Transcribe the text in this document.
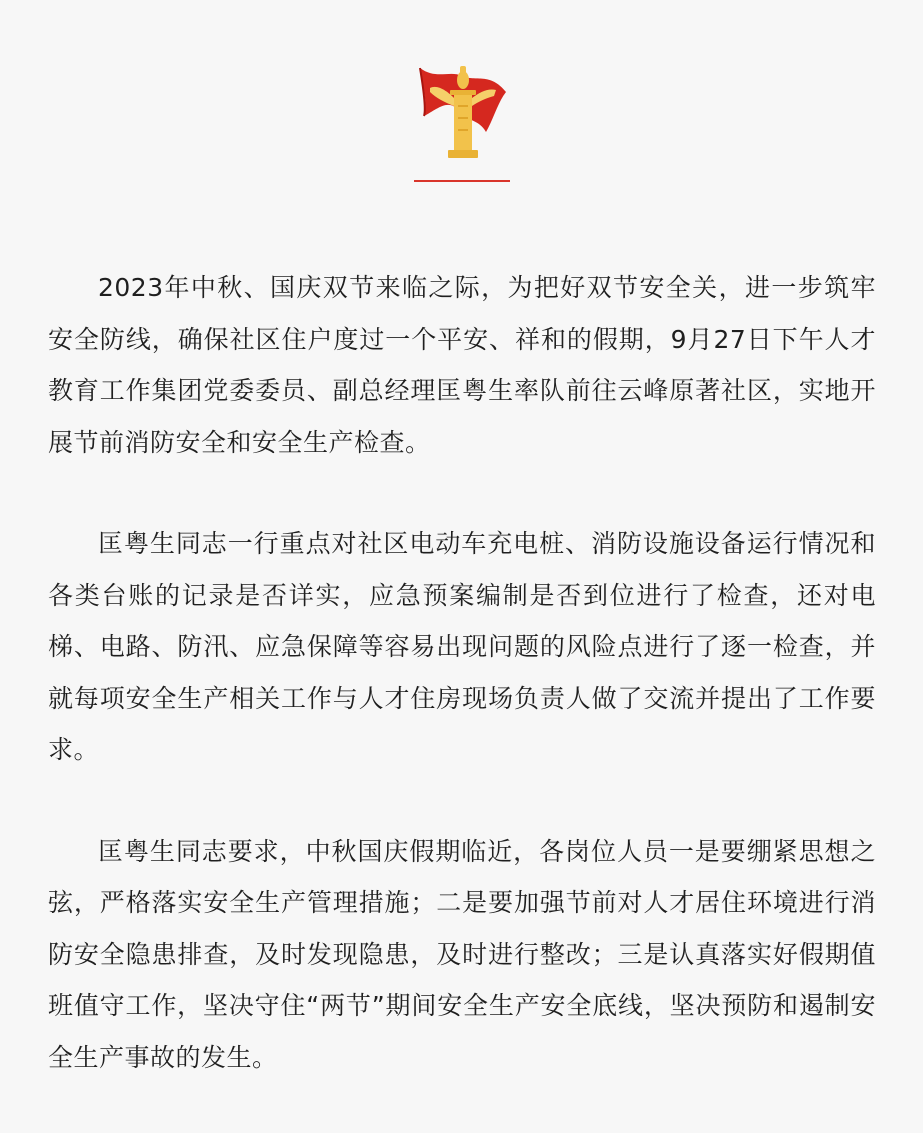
2023年中秋、国庆双节来临之际，为把好双节安全关，进一步筑牢安全防线，确保社区住户度过一个平安、祥和的假期，9月27日下午人才教育工作集团党委委员、副总经理匡粤生率队前往云峰原著社区，实地开展节前消防安全和安全生产检查。

匡粤生同志一行重点对社区电动车充电桩、消防设施设备运行情况和各类台账的记录是否详实，应急预案编制是否到位进行了检查，还对电梯、电路、防汛、应急保障等容易出现问题的风险点进行了逐一检查，并就每项安全生产相关工作与人才住房现场负责人做了交流并提出了工作要求。

匡粤生同志要求，中秋国庆假期临近，各岗位人员一是要绷紧思想之弦，严格落实安全生产管理措施；二是要加强节前对人才居住环境进行消防安全隐患排查，及时发现隐患，及时进行整改；三是认真落实好假期值班值守工作，坚决守住“两节”期间安全生产安全底线，坚决预防和遏制安全生产事故的发生。
